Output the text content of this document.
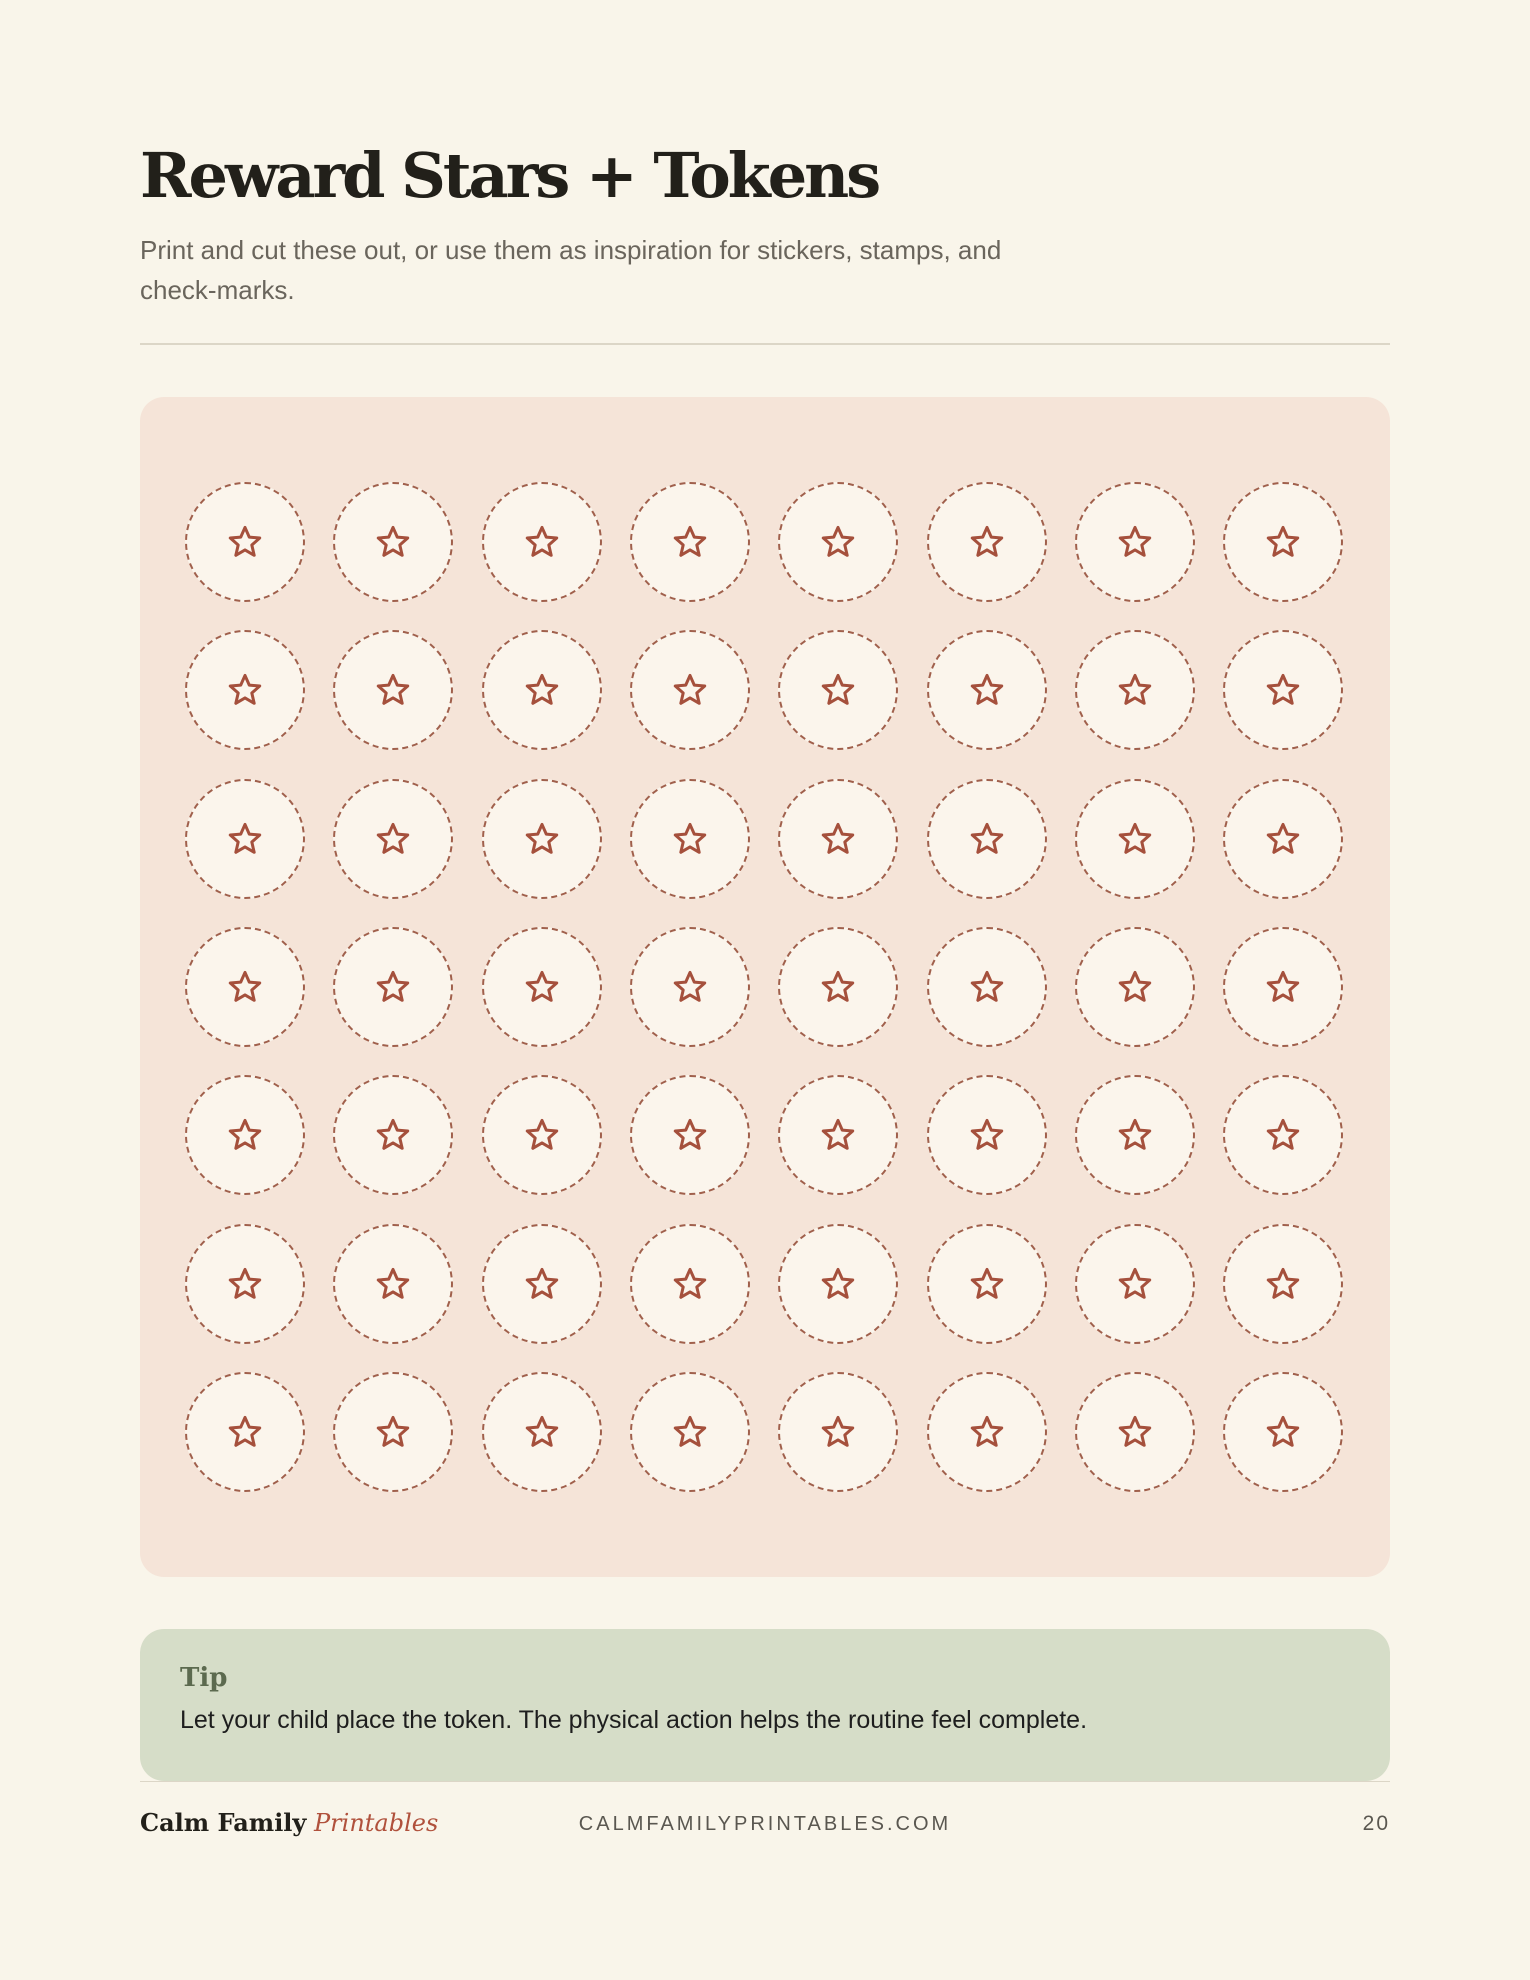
Reward Stars + Tokens

Print and cut these out, or use them as inspiration for stickers, stamps, and check-marks.

Tip

Let your child place the token. The physical action helps the routine feel complete.

Calm Family Printables	CALMFAMILYPRINTABLES.COM	20
